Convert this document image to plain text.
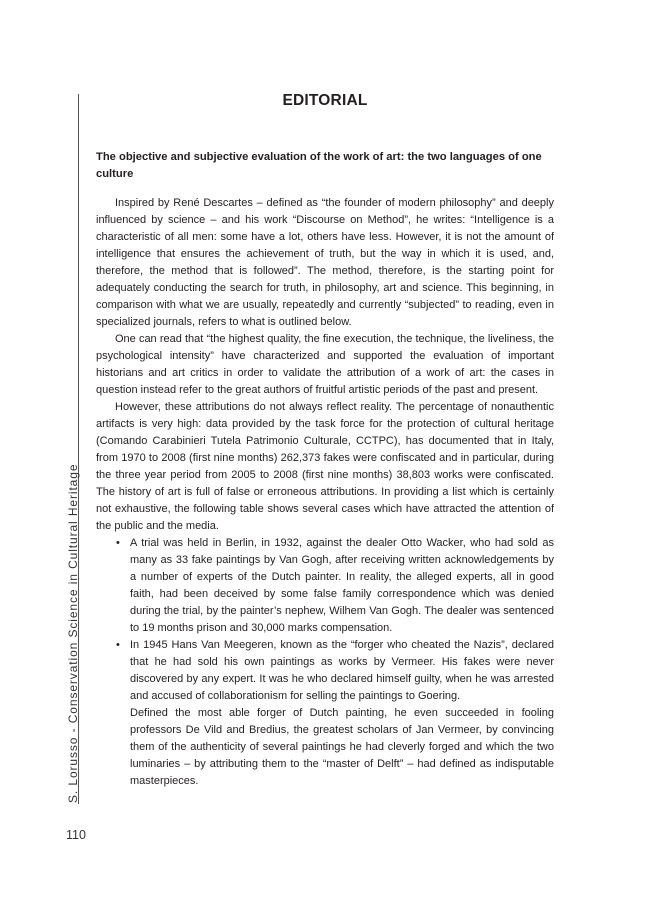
S. Lorusso - Conservation Science in Cultural Heritage
110
EDITORIAL
The objective and subjective evaluation of the work of art: the two languages of one culture

Inspired by René Descartes – defined as “the founder of modern philosophy” and deeply influenced by science – and his work “Discourse on Method”, he writes: “Intelligence is a characteristic of all men: some have a lot, others have less. However, it is not the amount of intelligence that ensures the achievement of truth, but the way in which it is used, and, therefore, the method that is followed”. The method, therefore, is the starting point for adequately conducting the search for truth, in philosophy, art and science. This beginning, in comparison with what we are usually, repeatedly and currently “subjected” to reading, even in specialized journals, refers to what is outlined below.

One can read that “the highest quality, the fine execution, the technique, the liveliness, the psychological intensity” have characterized and supported the evaluation of important historians and art critics in order to validate the attribution of a work of art: the cases in question instead refer to the great authors of fruitful artistic periods of the past and present.

However, these attributions do not always reflect reality. The percentage of nonauthentic artifacts is very high: data provided by the task force for the protection of cultural heritage (Comando Carabinieri Tutela Patrimonio Culturale, CCTPC), has documented that in Italy, from 1970 to 2008 (first nine months) 262,373 fakes were confiscated and in particular, during the three year period from 2005 to 2008 (first nine months) 38,803 works were confiscated. The history of art is full of false or erroneous attributions. In providing a list which is certainly not exhaustive, the following table shows several cases which have attracted the attention of the public and the media.

• A trial was held in Berlin, in 1932, against the dealer Otto Wacker, who had sold as many as 33 fake paintings by Van Gogh, after receiving written acknowledgements by a number of experts of the Dutch painter. In reality, the alleged experts, all in good faith, had been deceived by some false family correspondence which was denied during the trial, by the painter’s nephew, Wilhem Van Gogh. The dealer was sentenced to 19 months prison and 30,000 marks compensation.
• In 1945 Hans Van Meegeren, known as the “forger who cheated the Nazis”, declared that he had sold his own paintings as works by Vermeer. His fakes were never discovered by any expert. It was he who declared himself guilty, when he was arrested and accused of collaborationism for selling the paintings to Goering.

Defined the most able forger of Dutch painting, he even succeeded in fooling professors De Vild and Bredius, the greatest scholars of Jan Vermeer, by convincing them of the authenticity of several paintings he had cleverly forged and which the two luminaries – by attributing them to the “master of Delft” – had defined as indisputable masterpieces.
